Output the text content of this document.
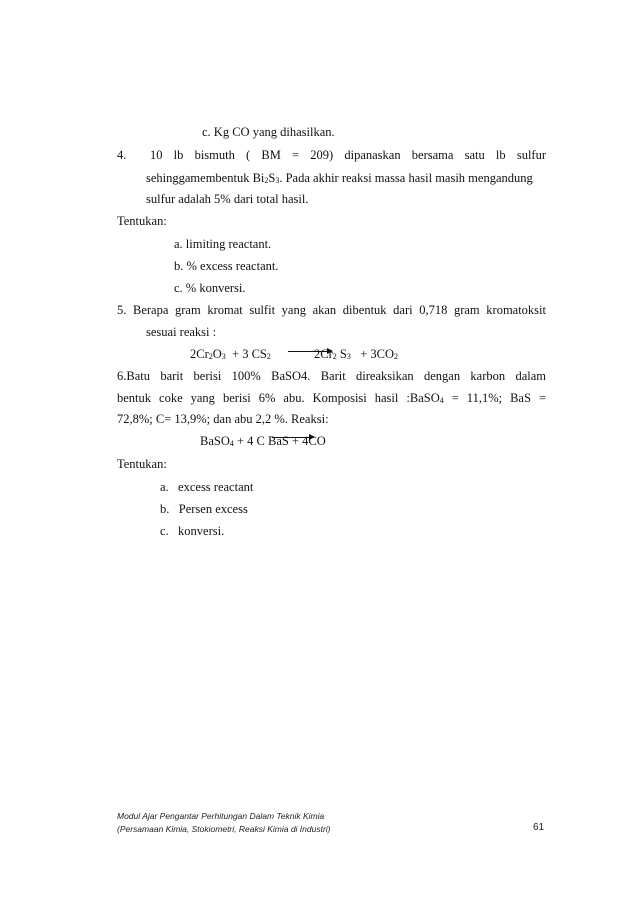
c. Kg CO yang dihasilkan.
4. 10 lb bismuth ( BM = 209) dipanaskan bersama satu lb sulfur
sehinggamembentuk $Bi_2S_3$. Pada akhir reaksi massa hasil masih mengandung
sulfur adalah 5% dari total hasil.
Tentukan:
a. limiting reactant.
b. % excess reactant.
c. % konversi.
5. Berapa gram kromat sulfit yang akan dibentuk dari 0,718 gram kromatoksit
sesuai reaksi :
$2Cr_2O_3 + 3$ $CS_2$	$2Cr_2$ $S_3 + 3CO_2$
6.Batu barit berisi 100% BaSO4. Barit direaksikan dengan karbon dalam
bentuk coke yang berisi 6% abu. Komposisi hasil :BaSO$_4$ = 11,1%; BaS =
72,8%; C= 13,9%; dan abu 2,2 %. Reaksi:
BaSO$_4$ + 4 C BaS + 4CO
Tentukan:
a.   excess reactant
b.   Persen excess
c.   konversi.
Modul Ajar Pengantar Perhitungan Dalam Teknik Kimia
(Persamaan Kimia, Stokiometri, Reaksi Kimia di Industri)	61
